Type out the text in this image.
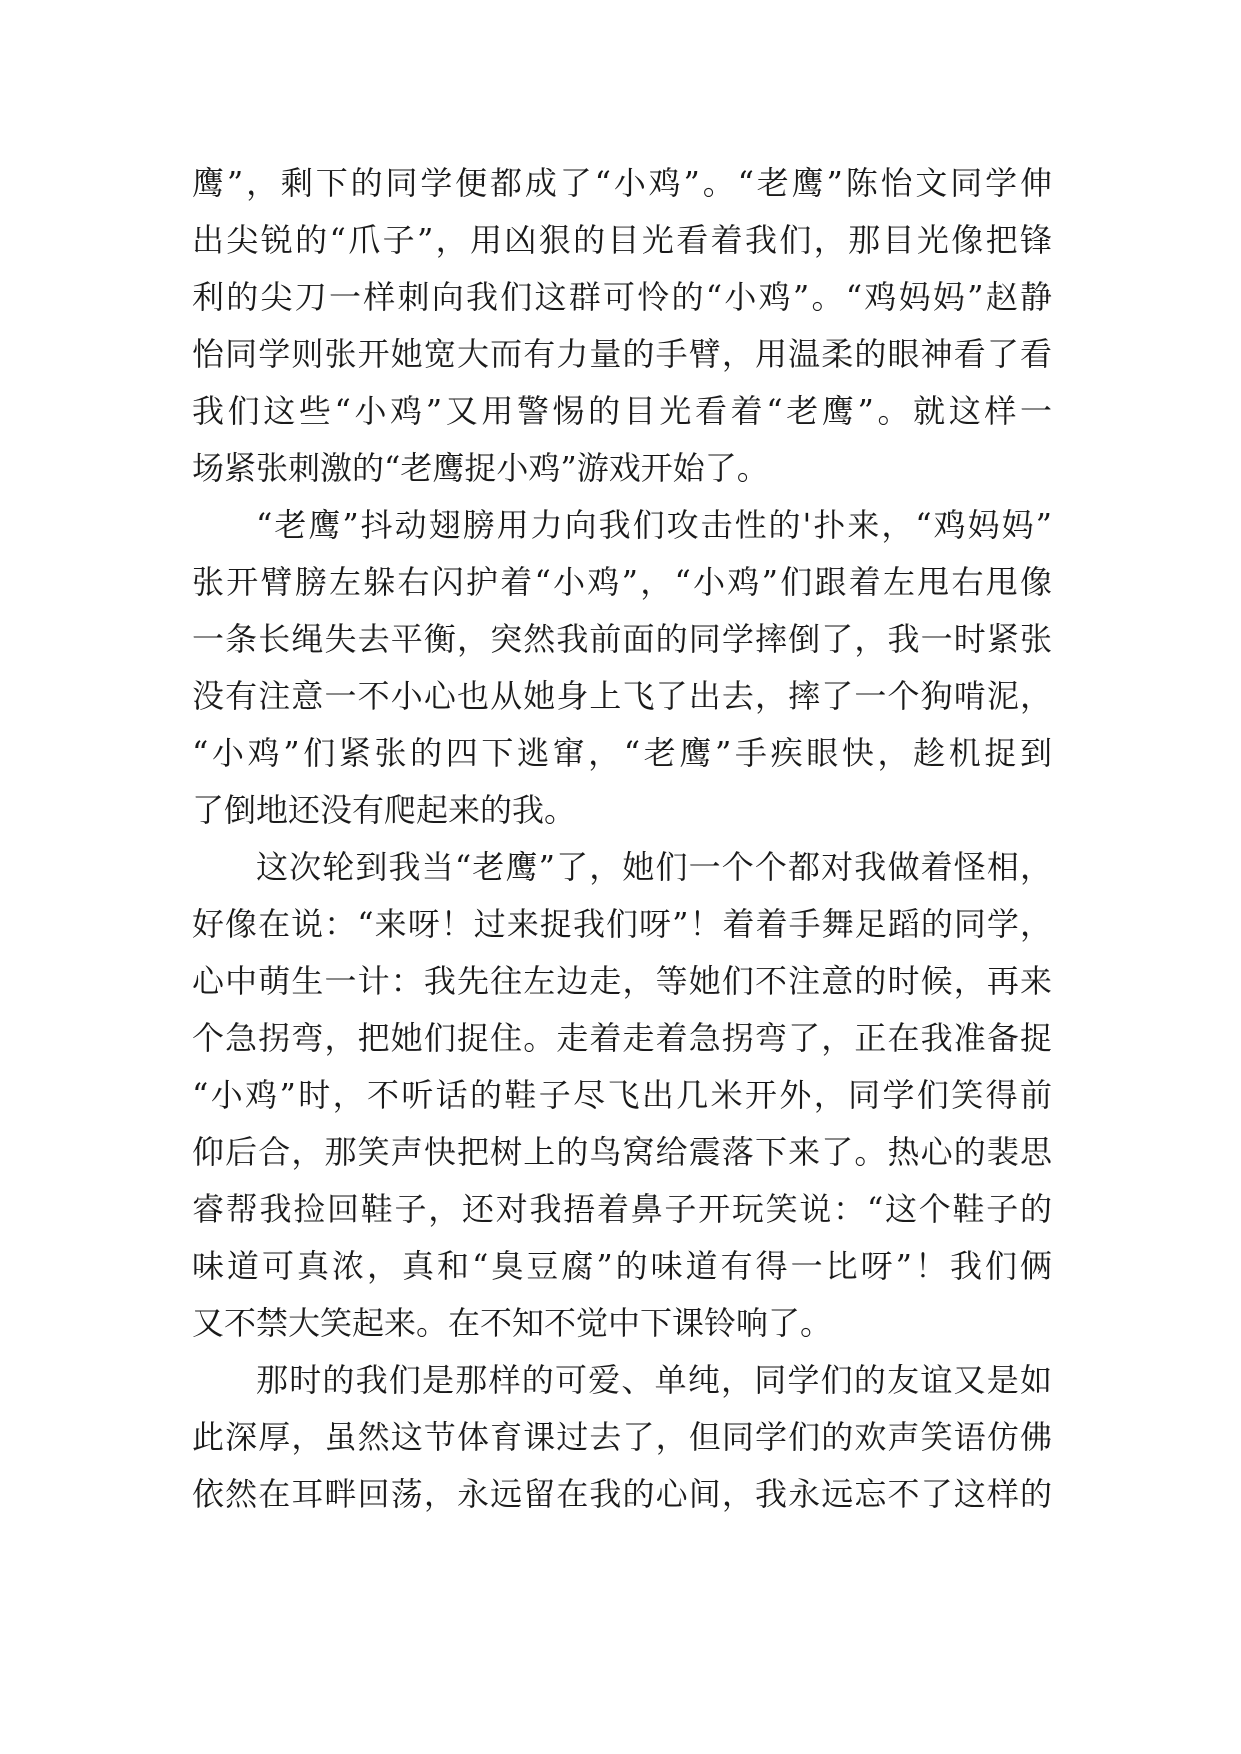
鹰”，剩下的同学便都成了“小鸡”。“老鹰”陈怡文同学伸
出尖锐的“爪子”，用凶狠的目光看着我们，那目光像把锋
利的尖刀一样刺向我们这群可怜的“小鸡”。“鸡妈妈”赵静
怡同学则张开她宽大而有力量的手臂，用温柔的眼神看了看
我们这些“小鸡”又用警惕的目光看着“老鹰”。就这样一
场紧张刺激的“老鹰捉小鸡”游戏开始了。
“老鹰”抖动翅膀用力向我们攻击性的'扑来，“鸡妈妈”
张开臂膀左躲右闪护着“小鸡”，“小鸡”们跟着左甩右甩像
一条长绳失去平衡，突然我前面的同学摔倒了，我一时紧张
没有注意一不小心也从她身上飞了出去，摔了一个狗啃泥，
“小鸡”们紧张的四下逃窜，“老鹰”手疾眼快，趁机捉到
了倒地还没有爬起来的我。
这次轮到我当“老鹰”了，她们一个个都对我做着怪相，
好像在说：“来呀！过来捉我们呀”！着着手舞足蹈的同学，
心中萌生一计：我先往左边走，等她们不注意的时候，再来
个急拐弯，把她们捉住。走着走着急拐弯了，正在我准备捉
“小鸡”时，不听话的鞋子尽飞出几米开外，同学们笑得前
仰后合，那笑声快把树上的鸟窝给震落下来了。热心的裴思
睿帮我捡回鞋子，还对我捂着鼻子开玩笑说：“这个鞋子的
味道可真浓，真和“臭豆腐”的味道有得一比呀”！我们俩
又不禁大笑起来。在不知不觉中下课铃响了。
那时的我们是那样的可爱、单纯，同学们的友谊又是如
此深厚，虽然这节体育课过去了，但同学们的欢声笑语仿佛
依然在耳畔回荡，永远留在我的心间，我永远忘不了这样的
